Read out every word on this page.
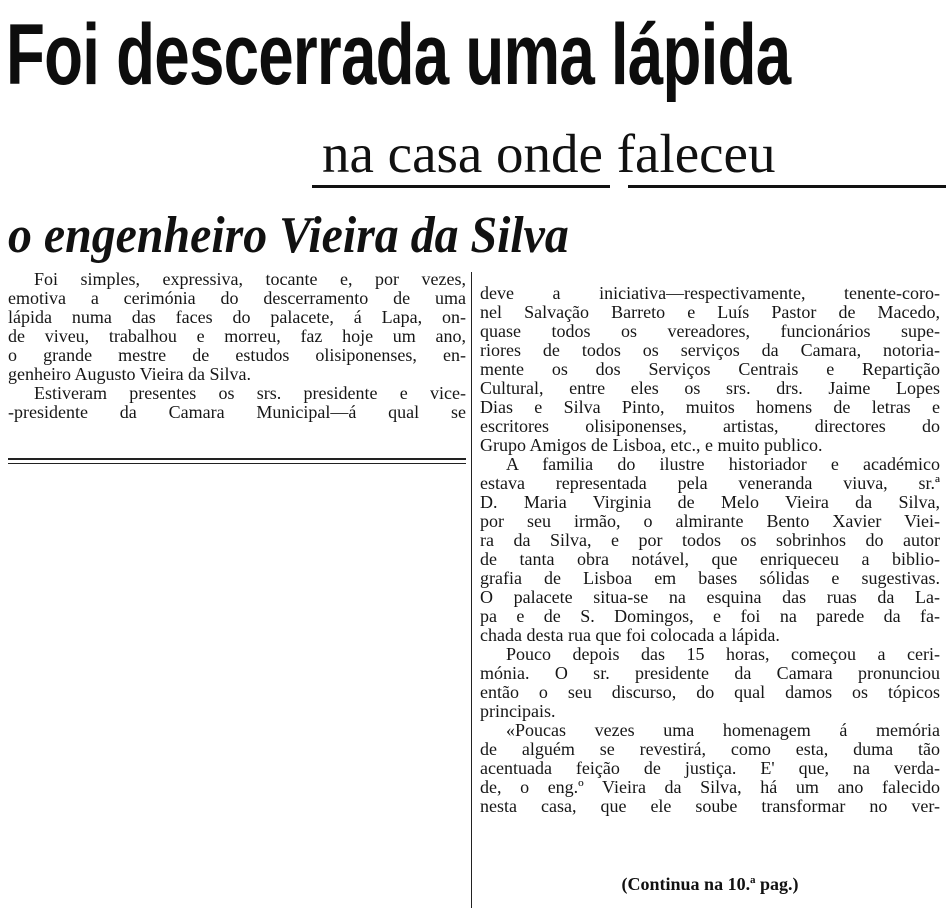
Foi descerrada uma lápida
na casa onde faleceu
o engenheiro Vieira da Silva
Foi simples, expressiva, tocante e, por vezes,
emotiva a cerimónia do descerramento de uma
lápida numa das faces do palacete, á Lapa, on-
de viveu, trabalhou e morreu, faz hoje um ano,
o grande mestre de estudos olisiponenses, en-
genheiro Augusto Vieira da Silva.
Estiveram presentes os srs. presidente e vice-
-presidente da Camara Municipal—á qual se
deve a iniciativa—respectivamente, tenente-coro-
nel Salvação Barreto e Luís Pastor de Macedo,
quase todos os vereadores, funcionários supe-
riores de todos os serviços da Camara, notoria-
mente os dos Serviços Centrais e Repartição
Cultural, entre eles os srs. drs. Jaime Lopes
Dias e Silva Pinto, muitos homens de letras e
escritores olisiponenses, artistas, directores do
Grupo Amigos de Lisboa, etc., e muito publico.
A familia do ilustre historiador e académico
estava representada pela veneranda viuva, sr.ª
D. Maria Virginia de Melo Vieira da Silva,
por seu irmão, o almirante Bento Xavier Viei-
ra da Silva, e por todos os sobrinhos do autor
de tanta obra notável, que enriqueceu a biblio-
grafia de Lisboa em bases sólidas e sugestivas.
O palacete situa-se na esquina das ruas da La-
pa e de S. Domingos, e foi na parede da fa-
chada desta rua que foi colocada a lápida.
Pouco depois das 15 horas, começou a ceri-
mónia. O sr. presidente da Camara pronunciou
então o seu discurso, do qual damos os tópicos
principais.
«Poucas vezes uma homenagem á memória
de alguém se revestirá, como esta, duma tão
acentuada feição de justiça. E' que, na verda-
de, o eng.º Vieira da Silva, há um ano falecido
nesta casa, que ele soube transformar no ver-

(Continua na 10.ª pag.)
